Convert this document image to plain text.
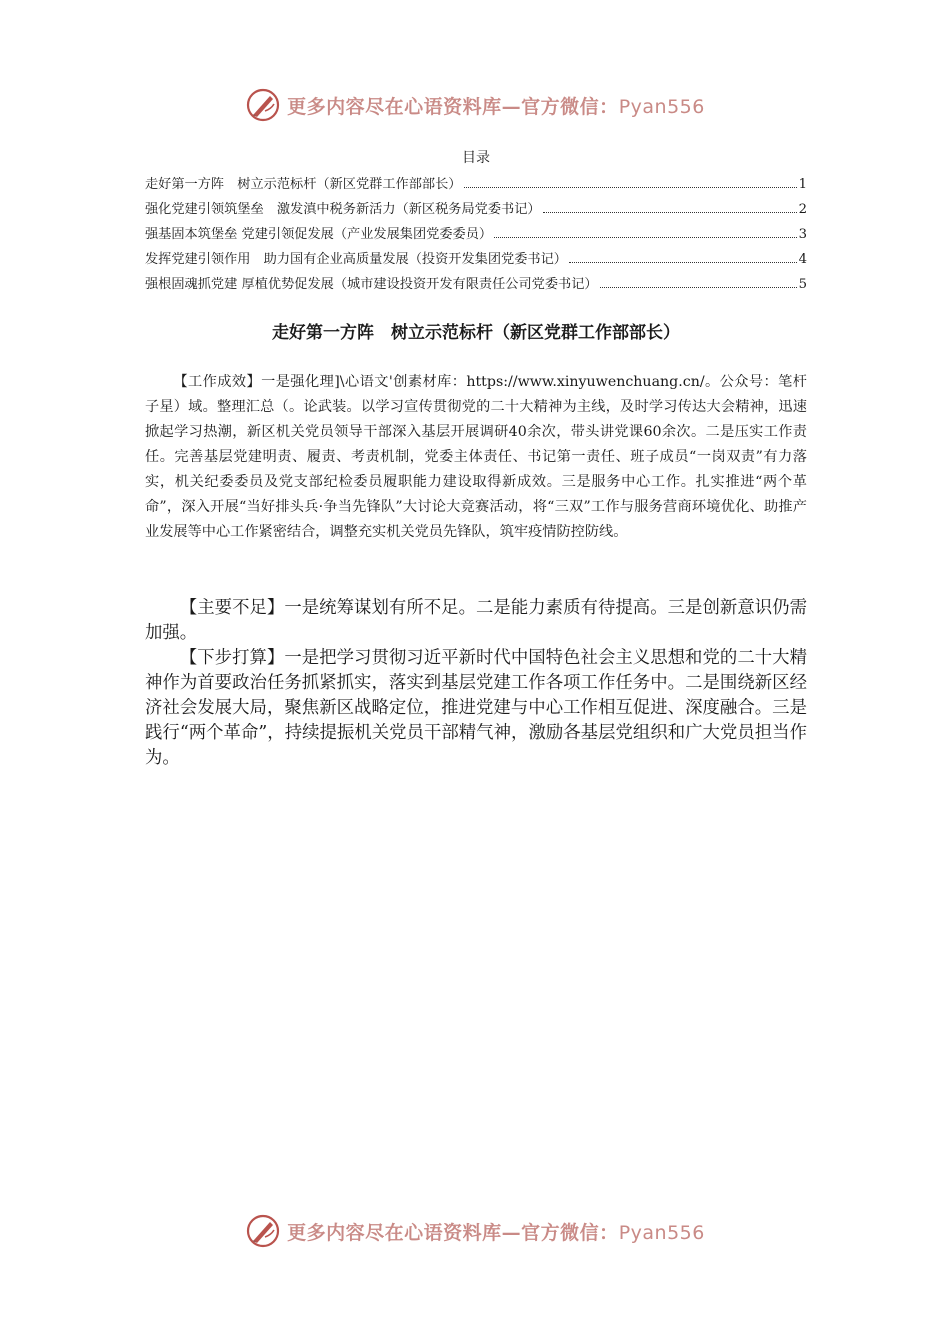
更多内容尽在心语资料库—官方微信：Pyan556
目录
走好第一方阵　树立示范标杆（新区党群工作部部长）	1
强化党建引领筑堡垒　激发滇中税务新活力（新区税务局党委书记）	2
强基固本筑堡垒 党建引领促发展（产业发展集团党委委员）	3
发挥党建引领作用　助力国有企业高质量发展（投资开发集团党委书记）	4
强根固魂抓党建 厚植优势促发展（城市建设投资开发有限责任公司党委书记）	5
走好第一方阵　树立示范标杆（新区党群工作部部长）

【工作成效】一是强化理]\心语文'创素材库：https://www.xinyuwenchuang.cn/。公众号：笔杆子星）域。整理汇总（。论武装。以学习宣传贯彻党的二十大精神为主线，及时学习传达大会精神，迅速掀起学习热潮，新区机关党员领导干部深入基层开展调研40余次，带头讲党课60余次。二是压实工作责任。完善基层党建明责、履责、考责机制，党委主体责任、书记第一责任、班子成员“一岗双责”有力落实，机关纪委委员及党支部纪检委员履职能力建设取得新成效。三是服务中心工作。扎实推进“两个革命”，深入开展“当好排头兵·争当先锋队”大讨论大竞赛活动，将“三双”工作与服务营商环境优化、助推产业发展等中心工作紧密结合，调整充实机关党员先锋队，筑牢疫情防控防线。

【主要不足】一是统筹谋划有所不足。二是能力素质有待提高。三是创新意识仍需加强。

【下步打算】一是把学习贯彻习近平新时代中国特色社会主义思想和党的二十大精神作为首要政治任务抓紧抓实，落实到基层党建工作各项工作任务中。二是围绕新区经济社会发展大局，聚焦新区战略定位，推进党建与中心工作相互促进、深度融合。三是践行“两个革命”，持续提振机关党员干部精气神，激励各基层党组织和广大党员担当作为。

更多内容尽在心语资料库—官方微信：Pyan556
